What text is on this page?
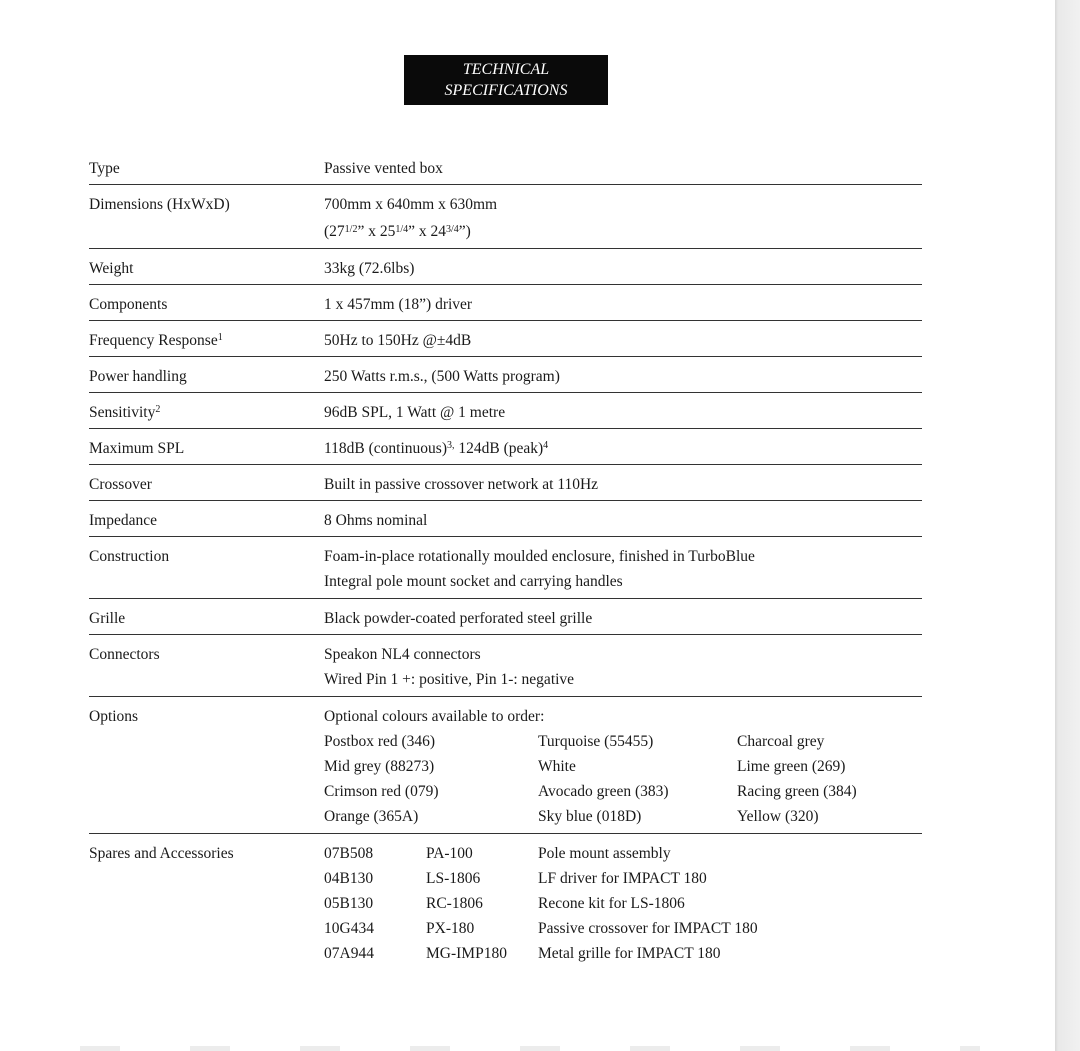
TECHNICAL
SPECIFICATIONS
Type	Passive vented box
Dimensions (HxWxD)	700mm x 640mm x 630mm
($27^{1/2}$” x $25^{1/4}$” x $24^{3/4}$”)
Weight	33kg (72.6lbs)
Components	1 x 457mm (18”) driver
Frequency Response$^1$	50Hz to 150Hz @±4dB
Power handling	250 Watts r.m.s., (500 Watts program)
Sensitivity$^2$	96dB SPL, 1 Watt @ 1 metre
Maximum SPL	118dB (continuous)$^{3,}$ 124dB (peak)$^4$
Crossover	Built in passive crossover network at 110Hz
Impedance	8 Ohms nominal
Construction	Foam-in-place rotationally moulded enclosure, finished in TurboBlue
Integral pole mount socket and carrying handles
Grille	Black powder-coated perforated steel grille
Connectors	Speakon NL4 connectors
Wired Pin 1 +: positive, Pin 1-: negative
Options	Optional colours available to order:
Postbox red (346)	Turquoise (55455)	Charcoal grey
Mid grey (88273)	White	Lime green (269)
Crimson red (079)	Avocado green (383)	Racing green (384)
Orange (365A)	Sky blue (018D)	Yellow (320)
Spares and Accessories	07B508	PA-100	Pole mount assembly
04B130	LS-1806	LF driver for IMPACT 180
05B130	RC-1806	Recone kit for LS-1806
10G434	PX-180	Passive crossover for IMPACT 180
07A944	MG-IMP180	Metal grille for IMPACT 180
